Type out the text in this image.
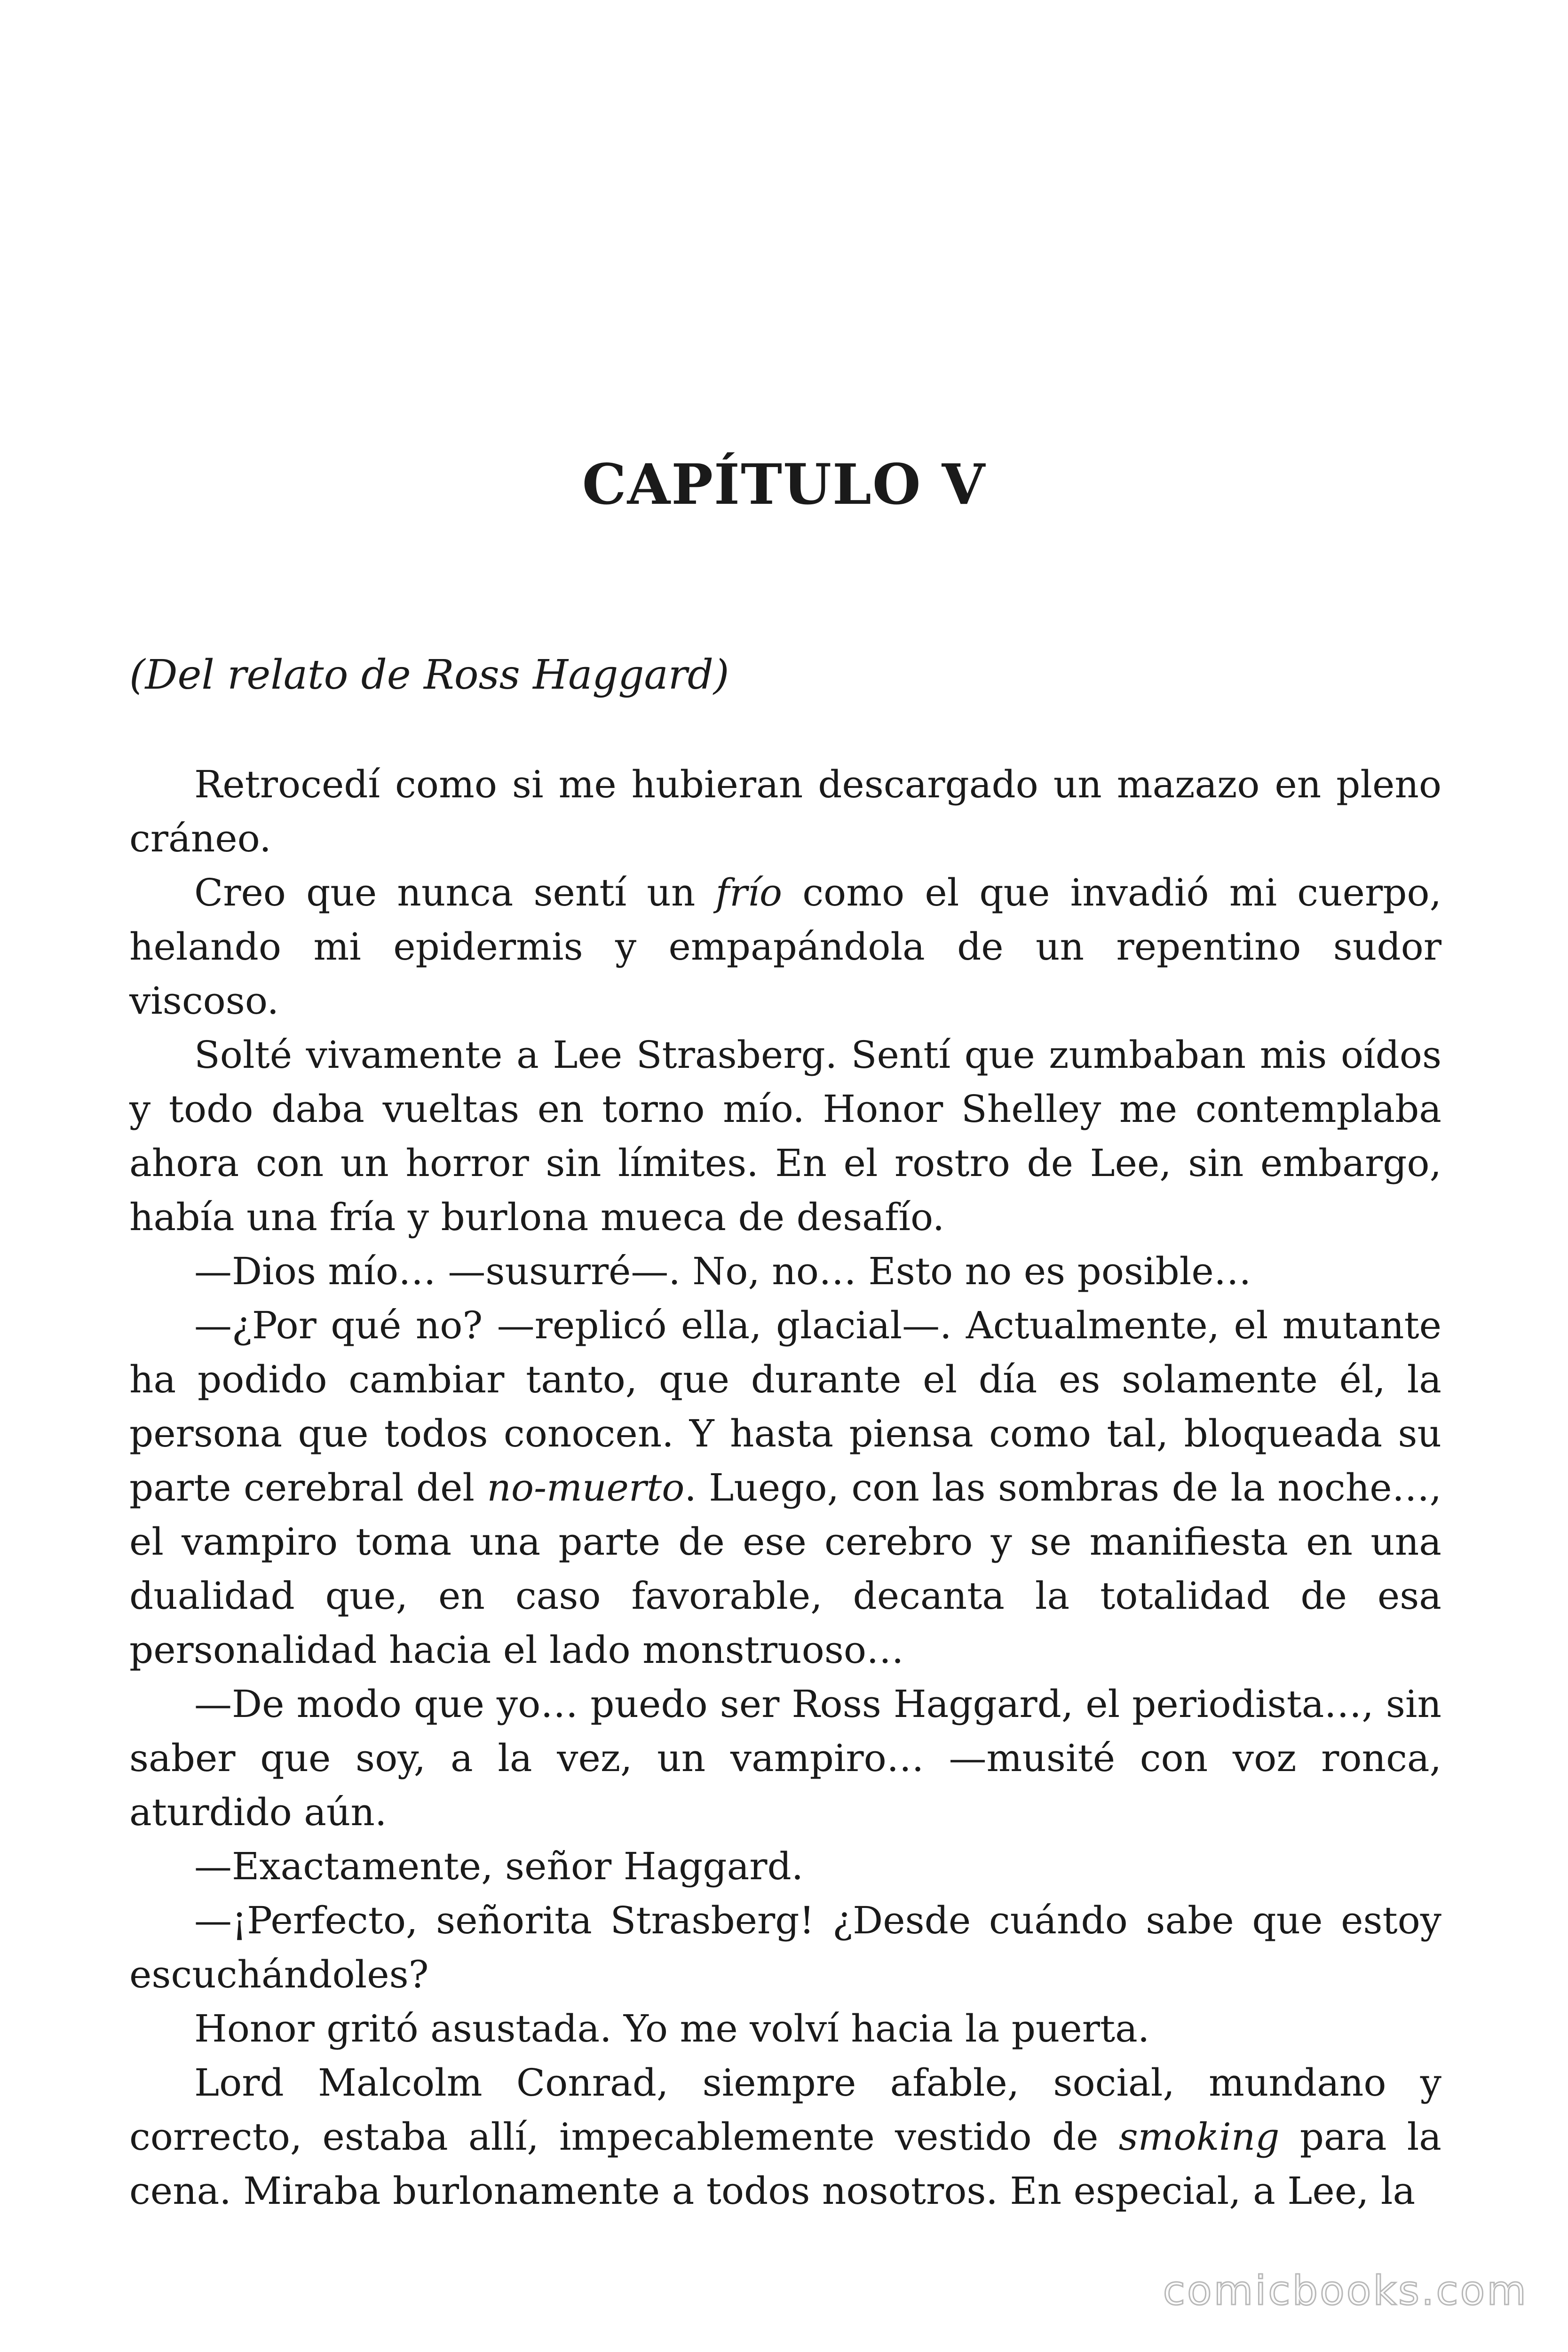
CAPÍTULO V

(Del relato de Ross Haggard)

Retrocedí como si me hubieran descargado un mazazo en pleno cráneo.

Creo que nunca sentí un frío como el que invadió mi cuerpo, helando mi epidermis y empapándola de un repentino sudor viscoso.

Solté vivamente a Lee Strasberg. Sentí que zumbaban mis oídos y todo daba vueltas en torno mío. Honor Shelley me contemplaba ahora con un horror sin límites. En el rostro de Lee, sin embargo, había una fría y burlona mueca de desafío.

—Dios mío… —susurré—. No, no… Esto no es posible…

—¿Por qué no? —replicó ella, glacial—. Actualmente, el mutante ha podido cambiar tanto, que durante el día es solamente él, la persona que todos conocen. Y hasta piensa como tal, bloqueada su parte cerebral del no-muerto. Luego, con las sombras de la noche…, el vampiro toma una parte de ese cerebro y se manifiesta en una dualidad que, en caso favorable, decanta la totalidad de esa personalidad hacia el lado monstruoso…

—De modo que yo… puedo ser Ross Haggard, el periodista…, sin saber que soy, a la vez, un vampiro… —musité con voz ronca, aturdido aún.

—Exactamente, señor Haggard.

—¡Perfecto, señorita Strasberg! ¿Desde cuándo sabe que estoy escuchándoles?

Honor gritó asustada. Yo me volví hacia la puerta.

Lord Malcolm Conrad, siempre afable, social, mundano y correcto, estaba allí, impecablemente vestido de smoking para la cena. Miraba burlonamente a todos nosotros. En especial, a Lee, la

comicbooks.com
